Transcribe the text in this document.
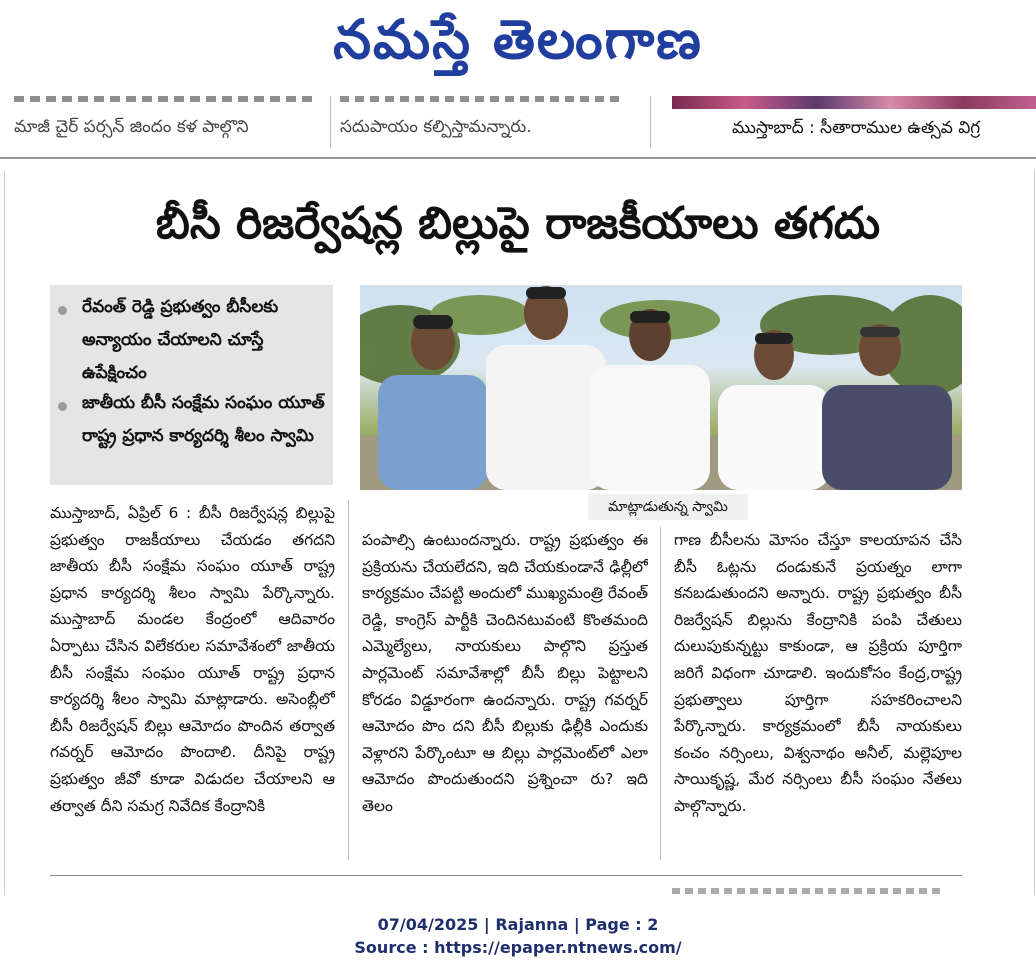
నమస్తే తెలంగాణ
మాజీ చైర్ పర్సన్ జిందం కళ పాల్గొని	సదుపాయం కల్పిస్తామన్నారు.	ముస్తాబాద్ : సీతారాముల ఉత్సవ విగ్ర
బీసీ రిజర్వేషన్ల బిల్లుపై రాజకీయాలు తగదు
రేవంత్ రెడ్డి ప్రభుత్వం బీసీలకు అన్యాయం చేయాలని చూస్తే ఉపేక్షించం
జాతీయ బీసీ సంక్షేమ సంఘం యూత్ రాష్ట్ర ప్రధాన కార్యదర్శి శీలం స్వామి
మాట్లాడుతున్న స్వామి

ముస్తాబాద్, ఏప్రిల్ 6 : బీసీ రిజర్వేషన్ల బిల్లుపై ప్రభుత్వం రాజకీయాలు చేయడం తగదని జాతీయ బీసీ సంక్షేమ సంఘం యూత్ రాష్ట్ర ప్రధాన కార్యదర్శి శీలం స్వామి పేర్కొన్నారు. ముస్తాబాద్ మండల కేంద్రంలో ఆదివారం ఏర్పాటు చేసిన విలేకరుల సమావేశంలో జాతీయ బీసీ సంక్షేమ సంఘం యూత్ రాష్ట్ర ప్రధాన కార్యదర్శి శీలం స్వామి మాట్లాడారు. అసెంబ్లీలో బీసీ రిజర్వేషన్ బిల్లు ఆమోదం పొందిన తర్వాత గవర్నర్ ఆమోదం పొందాలి. దీనిపై రాష్ట్ర ప్రభుత్వం జీవో కూడా విడుదల చేయాలని ఆ తర్వాత దీని సమగ్ర నివేదిక కేంద్రానికి

పంపాల్సి ఉంటుందన్నారు. రాష్ట్ర ప్రభుత్వం ఈ ప్రక్రియను చేయలేదని, ఇది చేయకుండానే ఢిల్లీలో కార్యక్రమం చేపట్టి అందులో ముఖ్యమంత్రి రేవంత్ రెడ్డి, కాంగ్రెస్ పార్టీకి చెందినటువంటి కొంతమంది ఎమ్మెల్యేలు, నాయకులు పాల్గొని ప్రస్తుత పార్లమెంట్ సమావేశాల్లో బీసీ బిల్లు పెట్టాలని కోరడం విడ్డూరంగా ఉందన్నారు. రాష్ట్ర గవర్నర్ ఆమోదం పొం దని బీసీ బిల్లుకు ఢిల్లీకి ఎందుకు వెళ్లారని పేర్కొంటూ ఆ బిల్లు పార్లమెంట్‌లో ఎలా ఆమోదం పొందుతుందని ప్రశ్నించా రు? ఇది తెలం

గాణ బీసీలను మోసం చేస్తూ కాలయాపన చేసి బీసీ ఓట్లను దండుకునే ప్రయత్నం లాగా కనబడుతుందని అన్నారు. రాష్ట్ర ప్రభుత్వం బీసీ రిజర్వేషన్ బిల్లును కేంద్రానికి పంపి చేతులు దులుపుకున్నట్టు కాకుండా, ఆ ప్రక్రియ పూర్తిగా జరిగే విధంగా చూడాలి. ఇందుకోసం కేంద్ర,రాష్ట్ర ప్రభుత్వాలు పూర్తిగా సహకరించాలని పేర్కొన్నారు. కార్యక్రమంలో బీసీ నాయకులు కంచం నర్సింలు, విశ్వనాథం అనీల్, మల్లెపూల సాయికృష్ణ, మేర నర్సింలు బీసీ సంఘం నేతలు పాల్గొన్నారు.

07/04/2025 | Rajanna | Page : 2
Source : https://epaper.ntnews.com/
